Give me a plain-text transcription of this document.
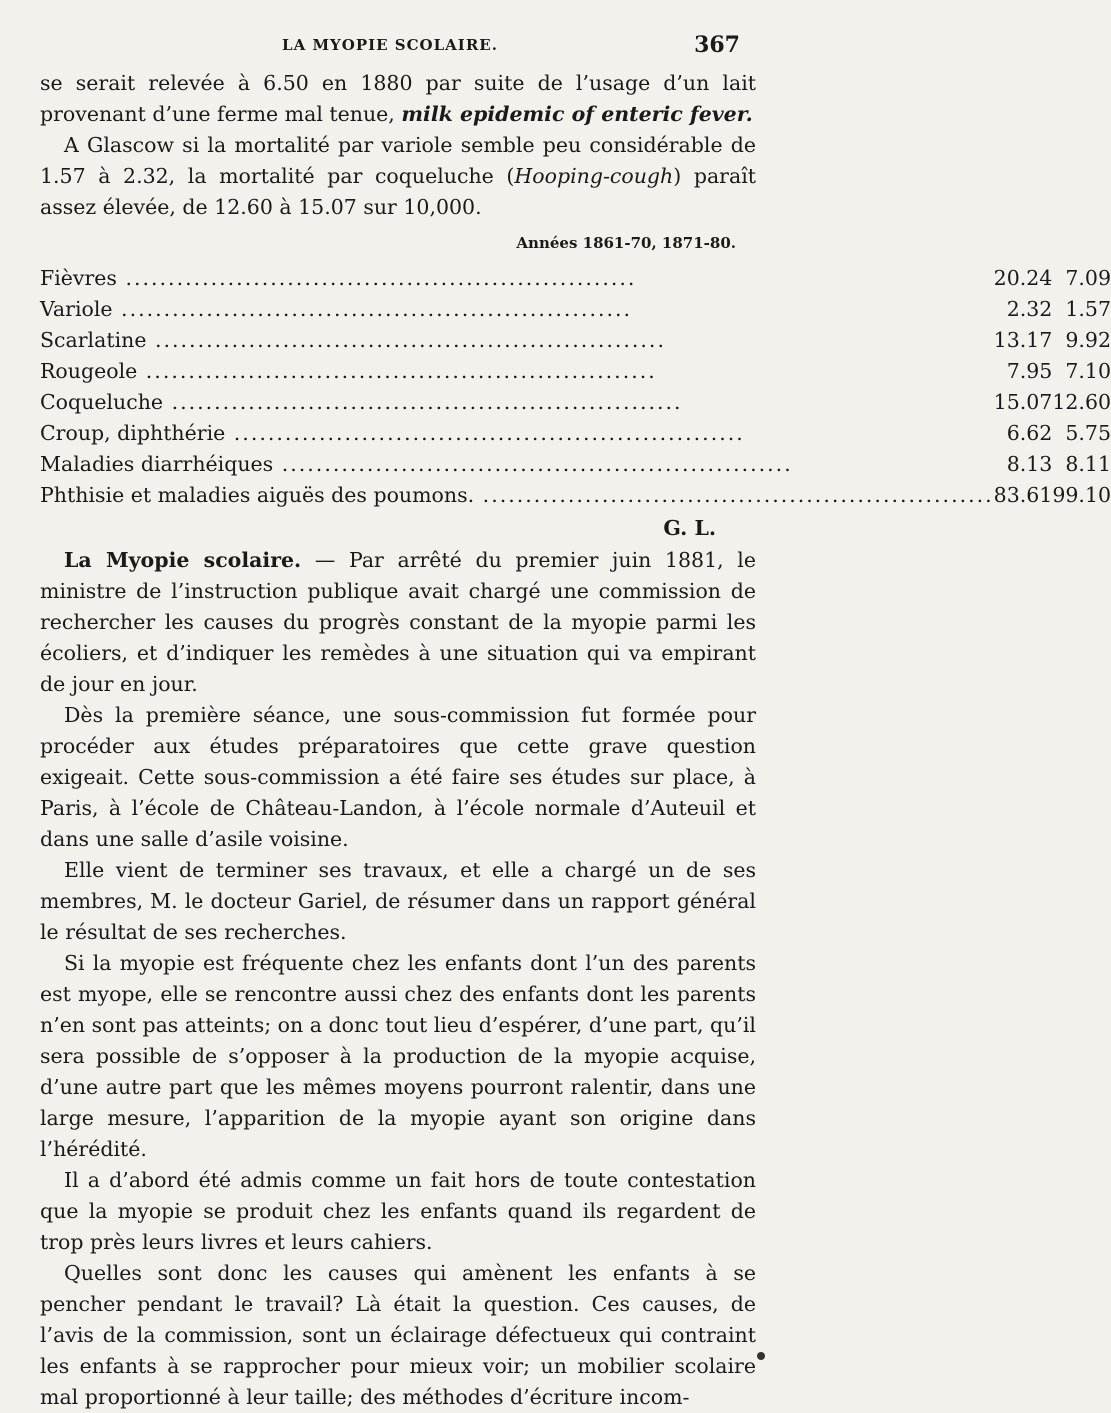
LA MYOPIE SCOLAIRE.	367

se serait relevée à 6.50 en 1880 par suite de l’usage d’un lait provenant d’une ferme mal tenue, milk epidemic of enteric fever.

A Glascow si la mortalité par variole semble peu considérable de 1.57 à 2.32, la mortalité par coqueluche (Hooping-cough) paraît assez élevée, de 12.60 à 15.07 sur 10,000.

Années 1861-70, 1871-80.
Fièvres ............................................................	20.24	7.09
Variole ............................................................	2.32	1.57
Scarlatine ............................................................	13.17	9.92
Rougeole ............................................................	7.95	7.10
Coqueluche ............................................................	15.07	12.60
Croup, diphthérie ............................................................	6.62	5.75
Maladies diarrhéiques ............................................................	8.13	8.11
Phthisie et maladies aiguës des poumons. ............................................................	83.61	99.10
G. L.

La Myopie scolaire. — Par arrêté du premier juin 1881, le ministre de l’instruction publique avait chargé une commission de rechercher les causes du progrès constant de la myopie parmi les écoliers, et d’indiquer les remèdes à une situation qui va empirant de jour en jour.

Dès la première séance, une sous-commission fut formée pour procéder aux études préparatoires que cette grave question exigeait. Cette sous-commission a été faire ses études sur place, à Paris, à l’école de Château-Landon, à l’école normale d’Auteuil et dans une salle d’asile voisine.

Elle vient de terminer ses travaux, et elle a chargé un de ses membres, M. le docteur Gariel, de résumer dans un rapport général le résultat de ses recherches.

Si la myopie est fréquente chez les enfants dont l’un des parents est myope, elle se rencontre aussi chez des enfants dont les parents n’en sont pas atteints; on a donc tout lieu d’espérer, d’une part, qu’il sera possible de s’opposer à la production de la myopie acquise, d’une autre part que les mêmes moyens pourront ralentir, dans une large mesure, l’apparition de la myopie ayant son origine dans l’hérédité.

Il a d’abord été admis comme un fait hors de toute contestation que la myopie se produit chez les enfants quand ils regardent de trop près leurs livres et leurs cahiers.

Quelles sont donc les causes qui amènent les enfants à se pencher pendant le travail? Là était la question. Ces causes, de l’avis de la commission, sont un éclairage défectueux qui contraint les enfants à se rapprocher pour mieux voir; un mobilier scolaire mal proportionné à leur taille; des méthodes d’écriture incom-
